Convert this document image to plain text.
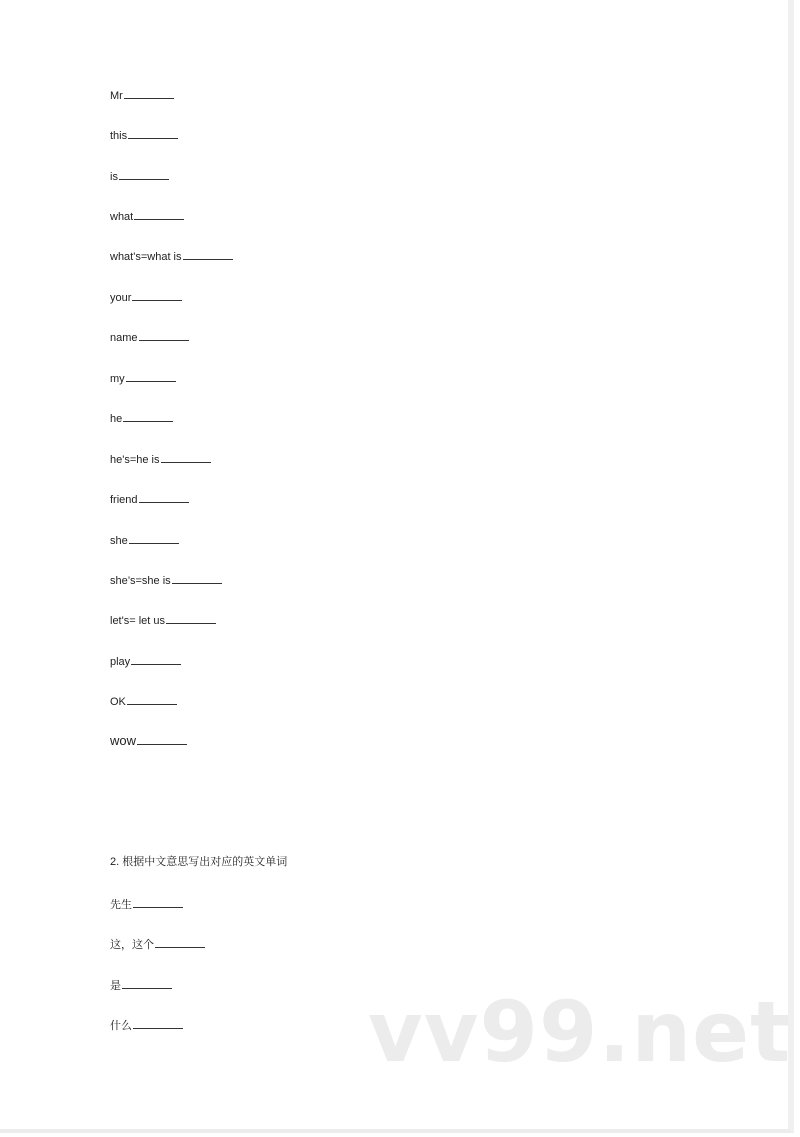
Mr
this
is
what
what's=what is
your
name
my
he
he's=he is
friend
she
she’s=she is
let's= let us
play
OK
wow
2. 根据中文意思写出对应的英文单词
先生
这，这个
是
什么	vv99.net
